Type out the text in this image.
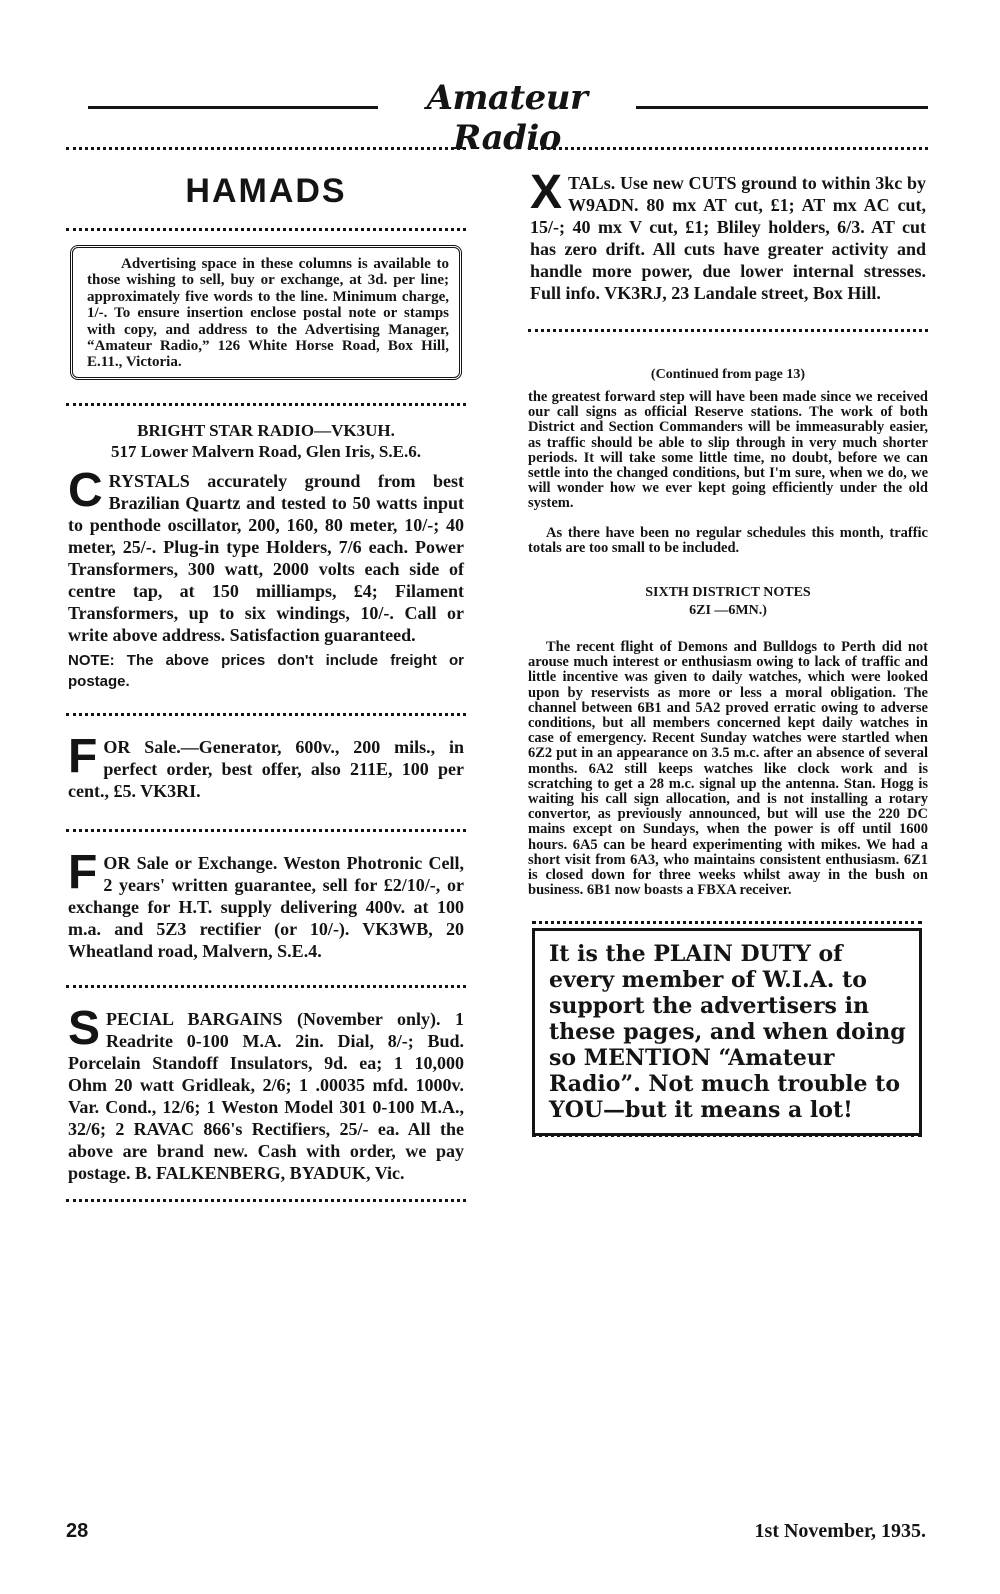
Amateur Radio
HAMADS
Advertising space in these columns is available to those wishing to sell, buy or exchange, at 3d. per line; approximately five words to the line. Minimum charge, 1/-. To ensure insertion enclose postal note or stamps with copy, and address to the Advertising Manager, “Amateur Radio,” 126 White Horse Road, Box Hill, E.11., Victoria.
BRIGHT STAR RADIO—VK3UH.
517 Lower Malvern Road, Glen Iris, S.E.6.
CRYSTALS accurately ground from best Brazilian Quartz and tested to 50 watts input to penthode oscillator, 200, 160, 80 meter, 10/-; 40 meter, 25/-. Plug-in type Holders, 7/6 each. Power Transformers, 300 watt, 2000 volts each side of centre tap, at 150 milliamps, £4; Filament Transformers, up to six windings, 10/-. Call or write above address. Satisfaction guaranteed.
NOTE: The above prices don't include freight or postage.
FOR Sale.—Generator, 600v., 200 mils., in perfect order, best offer, also 211E, 100 per cent., £5. VK3RI.
FOR Sale or Exchange. Weston Photronic Cell, 2 years' written guarantee, sell for £2/10/-, or exchange for H.T. supply delivering 400v. at 100 m.a. and 5Z3 rectifier (or 10/-). VK3WB, 20 Wheatland road, Malvern, S.E.4.
SPECIAL BARGAINS (November only). 1 Readrite 0-100 M.A. 2in. Dial, 8/-; Bud. Porcelain Standoff Insulators, 9d. ea; 1 10,000 Ohm 20 watt Gridleak, 2/6; 1 .00035 mfd. 1000v. Var. Cond., 12/6; 1 Weston Model 301 0-100 M.A., 32/6; 2 RAVAC 866's Rectifiers, 25/- ea. All the above are brand new. Cash with order, we pay postage. B. FALKENBERG, BYADUK, Vic.
X TALs. Use new CUTS ground to within 3kc by W9ADN. 80 mx AT cut, £1; AT mx AC cut, 15/-; 40 mx V cut, £1; Bliley holders, 6/3. AT cut has zero drift. All cuts have greater activity and handle more power, due lower internal stresses. Full info. VK3RJ, 23 Landale street, Box Hill.
(Continued from page 13)

the greatest forward step will have been made since we received our call signs as official Reserve stations. The work of both District and Section Commanders will be immeasurably easier, as traffic should be able to slip through in very much shorter periods. It will take some little time, no doubt, before we can settle into the changed conditions, but I'm sure, when we do, we will wonder how we ever kept going efficiently under the old system.

As there have been no regular schedules this month, traffic totals are too small to be included.

SIXTH DISTRICT NOTES
6ZI —6MN.)

The recent flight of Demons and Bulldogs to Perth did not arouse much interest or enthusiasm owing to lack of traffic and little incentive was given to daily watches, which were looked upon by reservists as more or less a moral obligation. The channel between 6B1 and 5A2 proved erratic owing to adverse conditions, but all members concerned kept daily watches in case of emergency. Recent Sunday watches were startled when 6Z2 put in an appearance on 3.5 m.c. after an absence of several months. 6A2 still keeps watches like clock work and is scratching to get a 28 m.c. signal up the antenna. Stan. Hogg is waiting his call sign allocation, and is not installing a rotary convertor, as previously announced, but will use the 220 DC mains except on Sundays, when the power is off until 1600 hours. 6A5 can be heard experimenting with mikes. We had a short visit from 6A3, who maintains consistent enthusiasm. 6Z1 is closed down for three weeks whilst away in the bush on business. 6B1 now boasts a FBXA receiver.

It is the PLAIN DUTY of every member of W.I.A. to support the advertisers in these pages, and when doing so MENTION “Amateur Radio”. Not much trouble to YOU—but it means a lot!
28	1st November, 1935.
